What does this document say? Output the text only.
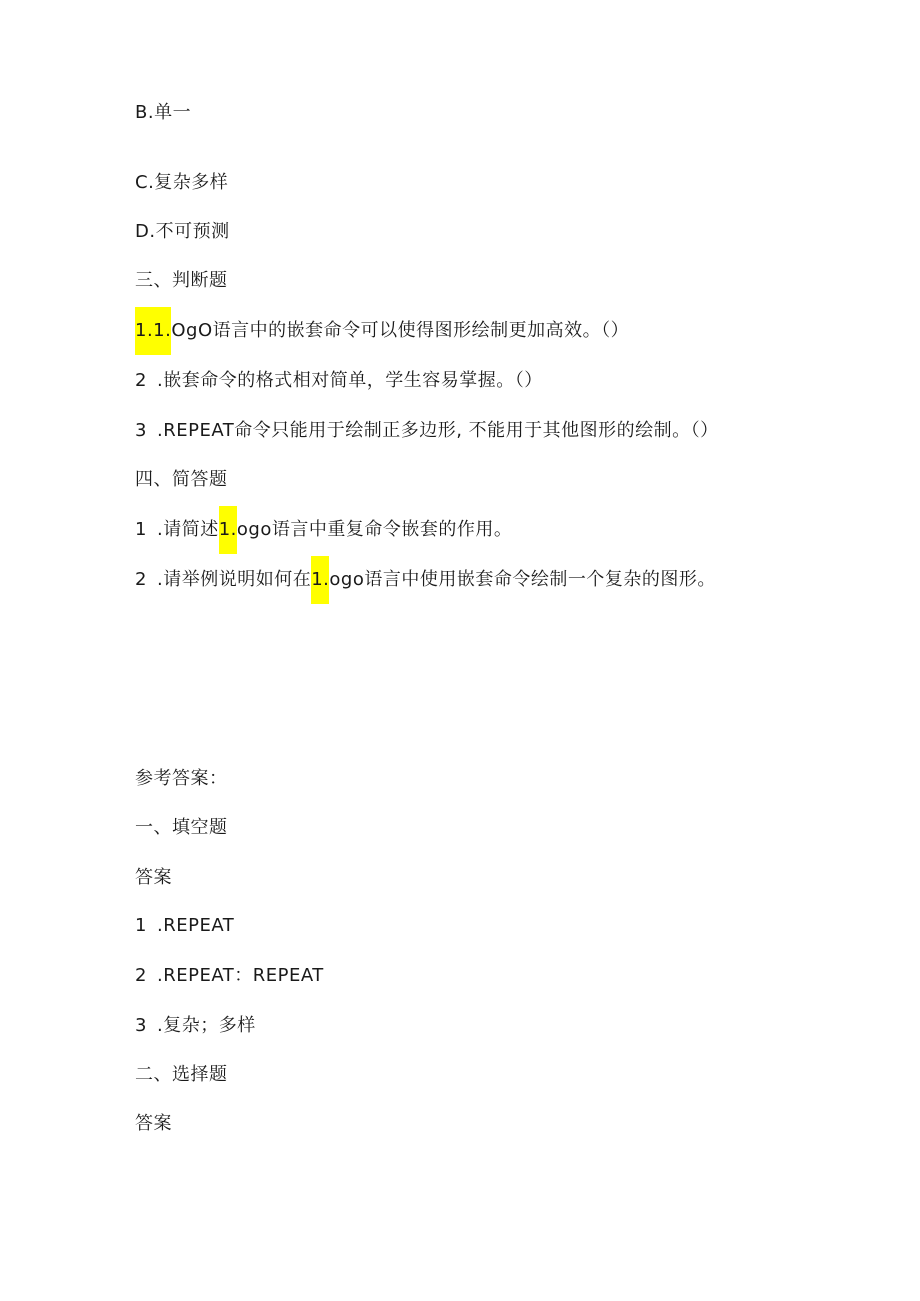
B.单一
C.复杂多样
D.不可预测
三、判断题
1.1.OgO语言中的嵌套命令可以使得图形绘制更加高效。（）
2 .嵌套命令的格式相对简单，学生容易掌握。（）
3 .REPEAT命令只能用于绘制正多边形, 不能用于其他图形的绘制。（）
四、简答题
1 .请简述1.ogo语言中重复命令嵌套的作用。
2 .请举例说明如何在1.ogo语言中使用嵌套命令绘制一个复杂的图形。
参考答案：
一、填空题
答案
1 .REPEAT
2 .REPEAT：REPEAT
3 .复杂；多样
二、选择题
答案
